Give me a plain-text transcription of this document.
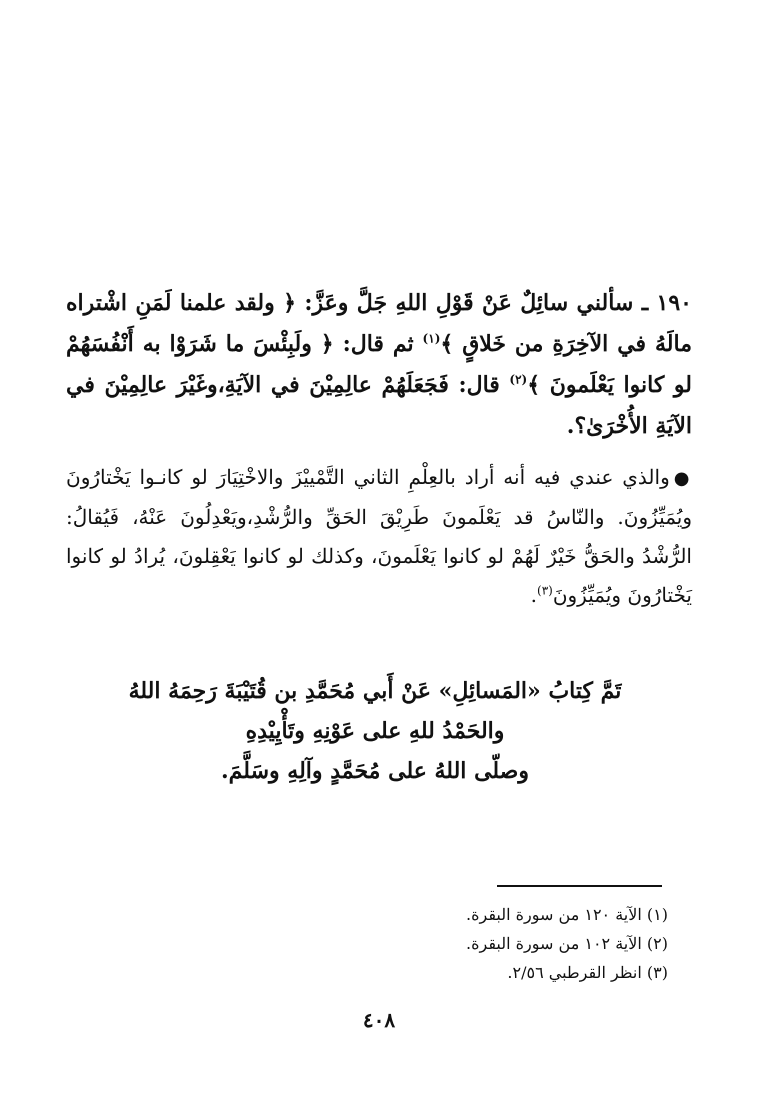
١٩٠ ـ سألني سائِلٌ عَنْ قَوْلِ اللهِ جَلَّ وعَزَّ: ﴿ ولقد علمنا لَمَنِ اشْتراه مالَهُ في الآخِرَةِ من خَلاقٍ ﴾$^{(١)}$ ثم قال: ﴿ ولَبِئْسَ ما شَرَوْا به أَنْفُسَهُمْ لو كانوا يَعْلَمونَ ﴾$^{(٢)}$ قال: فَجَعَلَهُمْ عالِمِيْنَ في الآيَةِ،وغَيْرَ عالِمِيْنَ في الآيَةِ الأُخْرَىٰ؟.
●والذي عندي فيه أنه أراد بالعِلْمِ الثاني التَّمْييْزَ والاخْتِيَارَ لو كانـوا يَخْتارُونَ ويُمَيِّزُونَ. والنّاسُ قد يَعْلَمونَ طَرِيْقَ الحَقِّ والرُّشْدِ،ويَعْدِلُونَ عَنْهُ، فَيُقالُ: الرُّشْدُ والحَقُّ خَيْرٌ لَهُمْ لو كانوا يَعْلَمونَ، وكذلك لو كانوا يَعْقِلونَ، يُرادُ لو كانوا يَخْتارُونَ ويُمَيِّزُونَ$^{(٣)}$.
تَمَّ كِتابُ «المَسائِلِ» عَنْ أَبي مُحَمَّدِ بن قُتَيْبَةَ رَحِمَهُ اللهُ
والحَمْدُ للهِ على عَوْنِهِ وتَأْيِيْدِهِ
وصلّى اللهُ على مُحَمَّدٍ وآلِهِ وسَلَّمَ.
(١) الآية ١٢٠ من سورة البقرة.
(٢) الآية ١٠٢ من سورة البقرة.
(٣) انظر القرطبي ٢/٥٦.
٤٠٨
